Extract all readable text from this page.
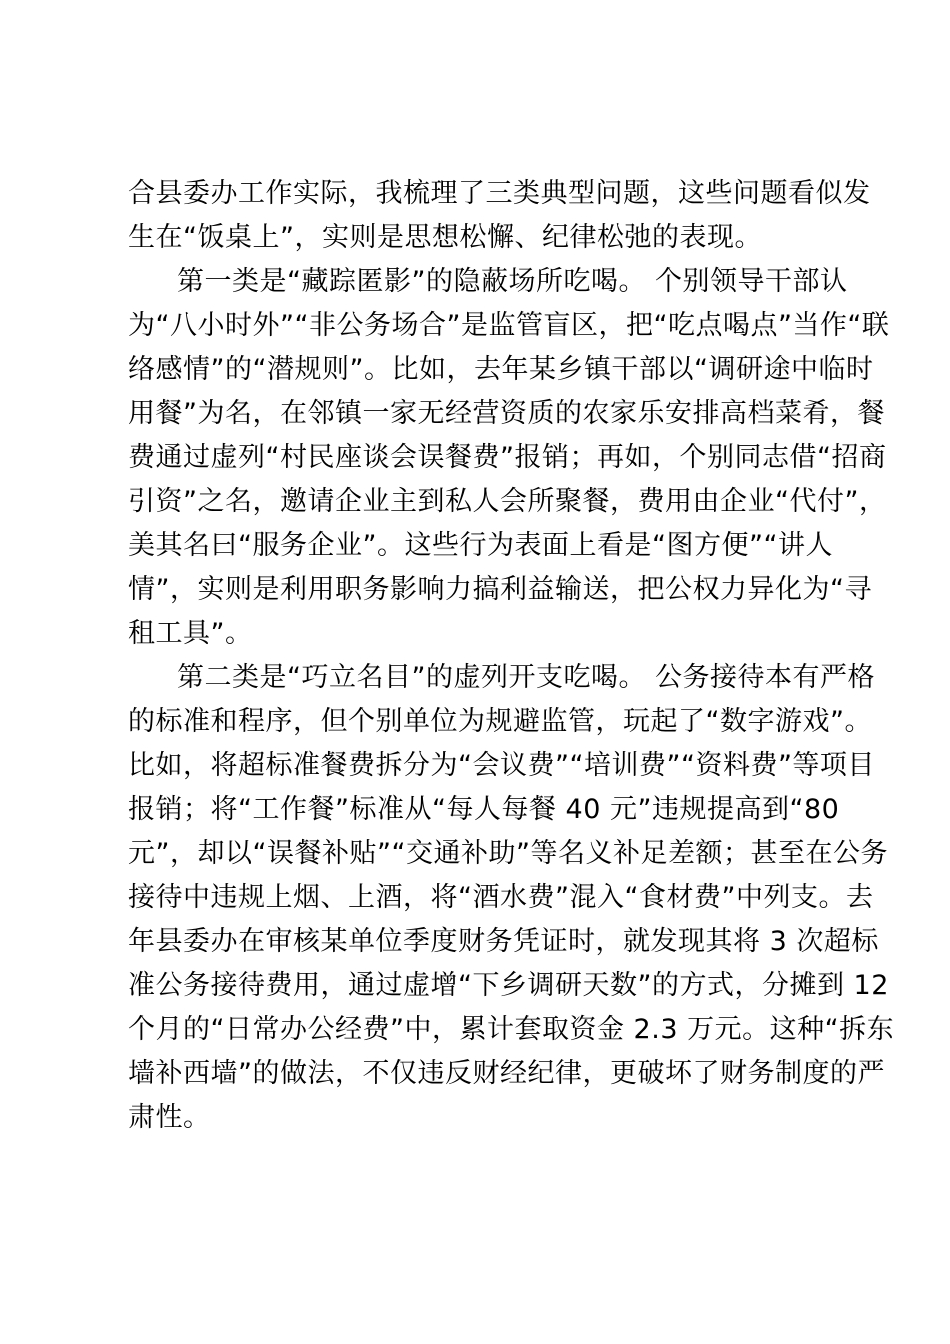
合县委办工作实际，我梳理了三类典型问题，这些问题看似发
生在“饭桌上”，实则是思想松懈、纪律松弛的表现。
第一类是“藏踪匿影”的隐蔽场所吃喝。 个别领导干部认
为“八小时外”“非公务场合”是监管盲区，把“吃点喝点”当作“联
络感情”的“潜规则”。比如，去年某乡镇干部以“调研途中临时
用餐”为名，在邻镇一家无经营资质的农家乐安排高档菜肴，餐
费通过虚列“村民座谈会误餐费”报销；再如，个别同志借“招商
引资”之名，邀请企业主到私人会所聚餐，费用由企业“代付”，
美其名曰“服务企业”。这些行为表面上看是“图方便”“讲人
情”，实则是利用职务影响力搞利益输送，把公权力异化为“寻
租工具”。
第二类是“巧立名目”的虚列开支吃喝。 公务接待本有严格
的标准和程序，但个别单位为规避监管，玩起了“数字游戏”。
比如，将超标准餐费拆分为“会议费”“培训费”“资料费”等项目
报销；将“工作餐”标准从“每人每餐 40 元”违规提高到“80
元”，却以“误餐补贴”“交通补助”等名义补足差额；甚至在公务
接待中违规上烟、上酒，将“酒水费”混入“食材费”中列支。去
年县委办在审核某单位季度财务凭证时，就发现其将 3 次超标
准公务接待费用，通过虚增“下乡调研天数”的方式，分摊到 12
个月的“日常办公经费”中，累计套取资金 2.3 万元。这种“拆东
墙补西墙”的做法，不仅违反财经纪律，更破坏了财务制度的严
肃性。
